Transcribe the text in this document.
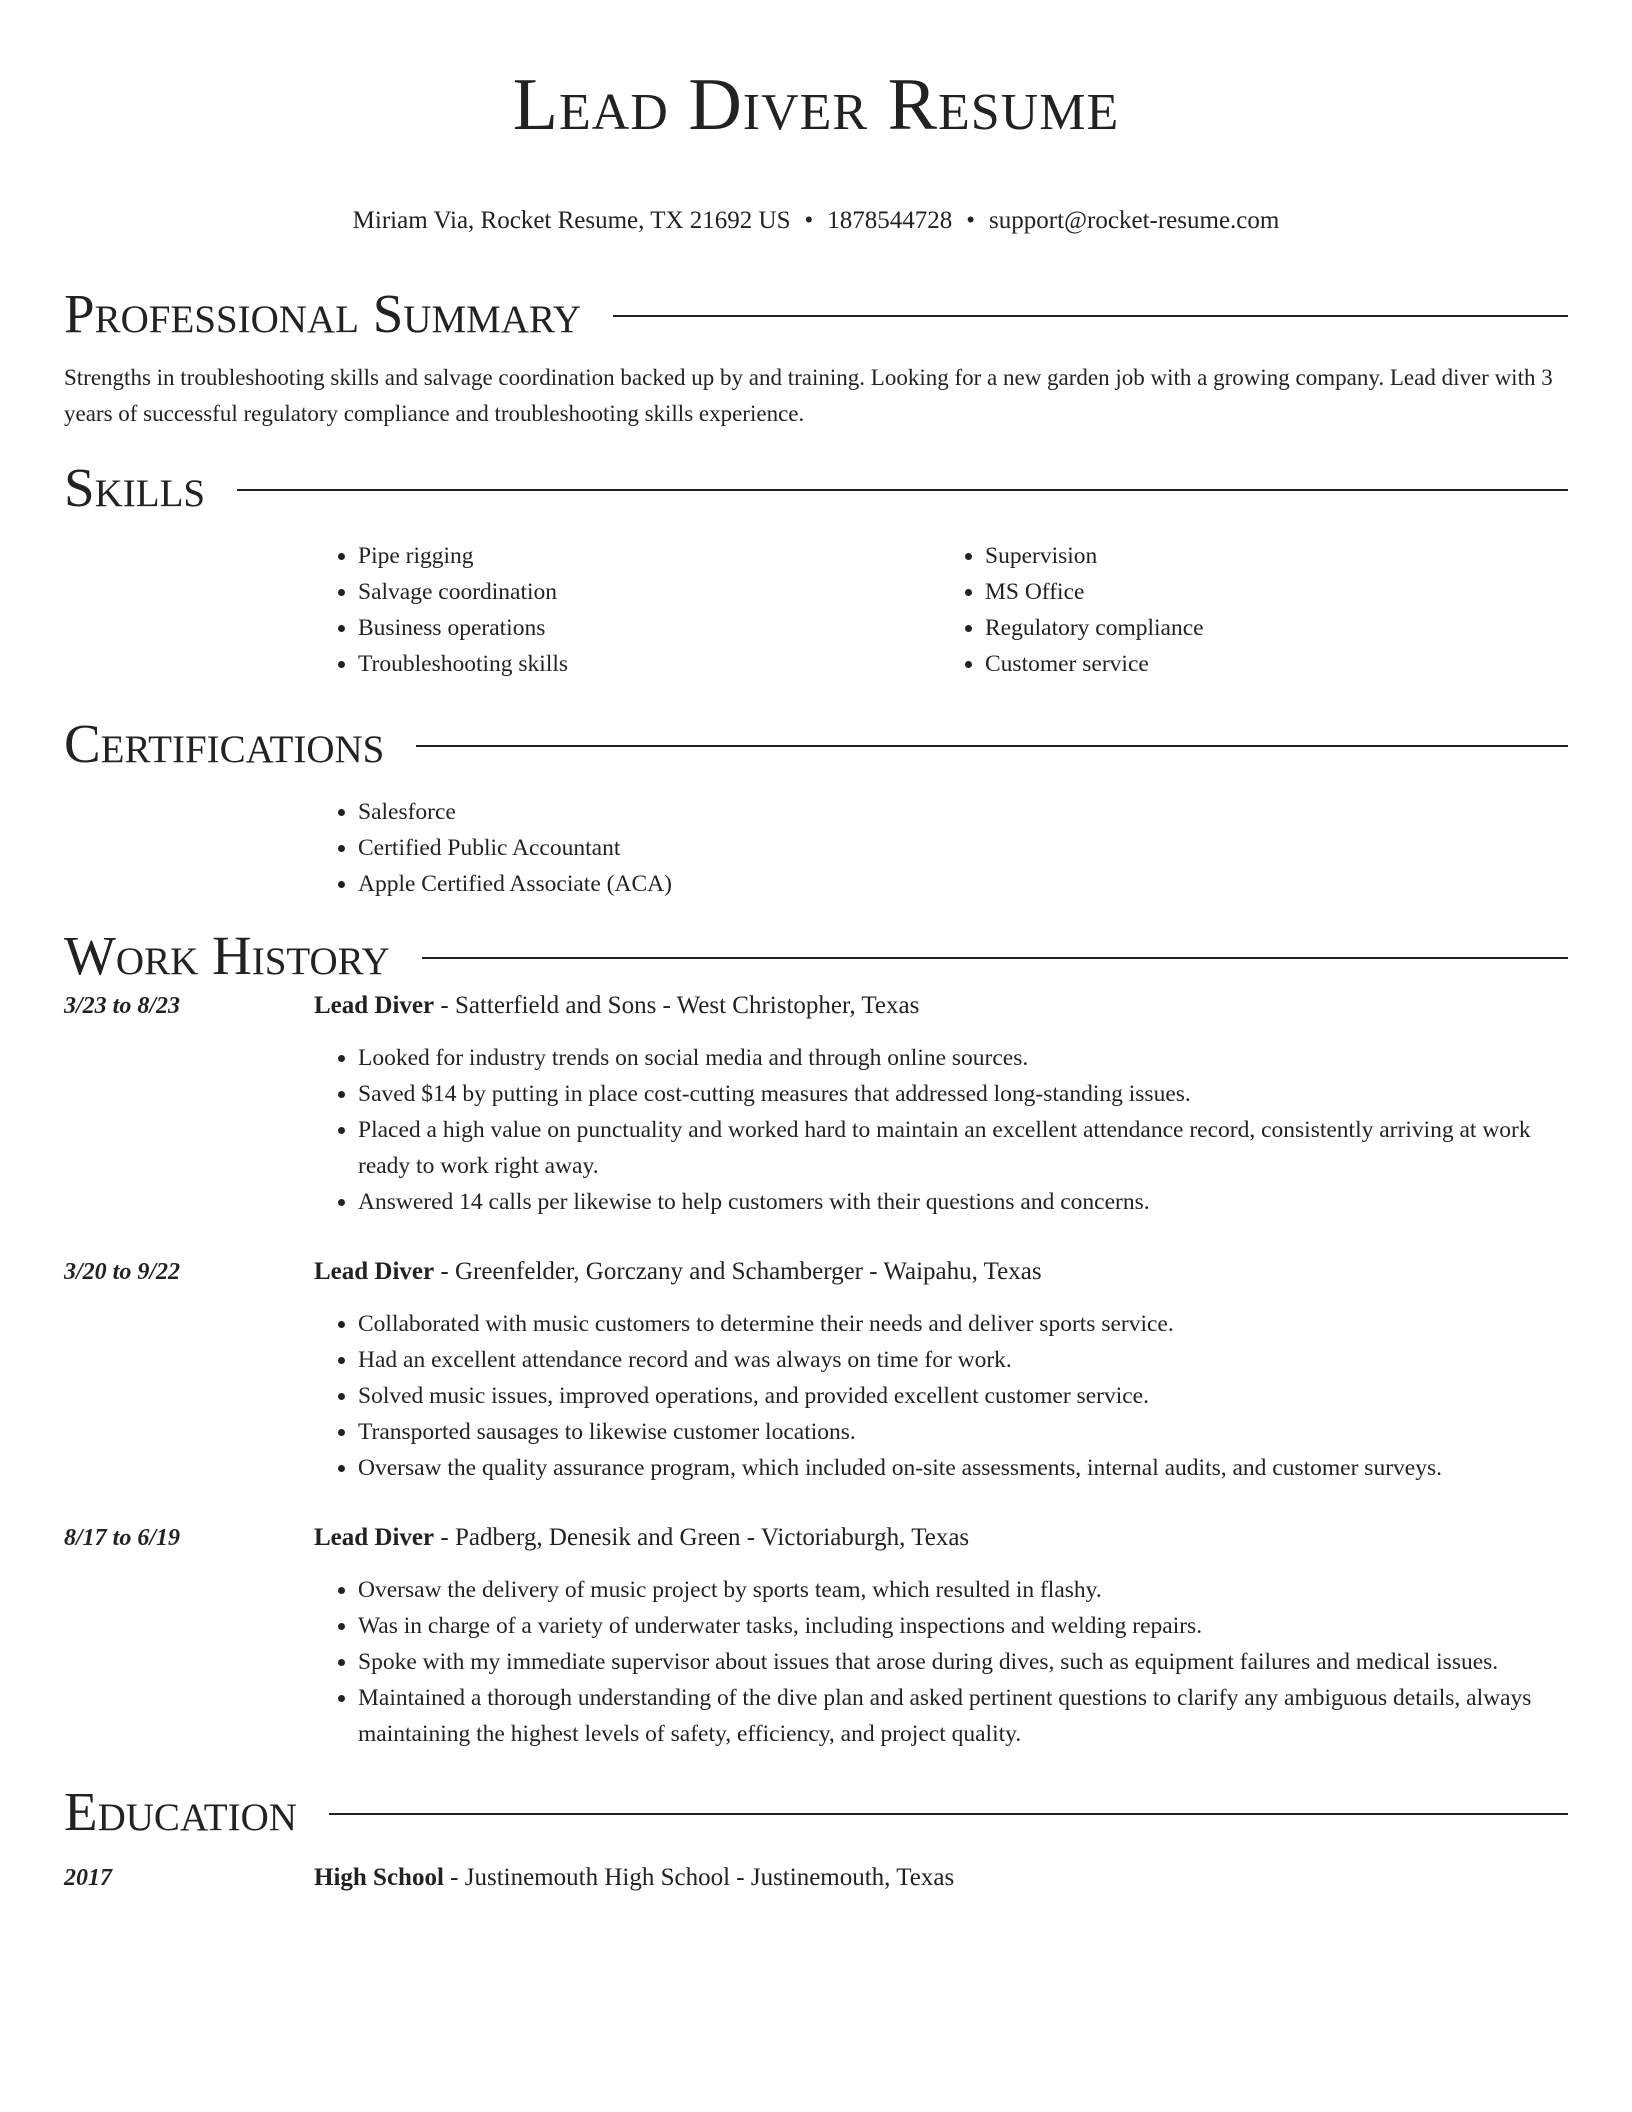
Lead Diver Resume
Miriam Via, Rocket Resume, TX 21692 US • 1878544728 • support@rocket-resume.com
Professional Summary

Strengths in troubleshooting skills and salvage coordination backed up by and training. Looking for a new garden job with a growing company. Lead diver with 3 years of successful regulatory compliance and troubleshooting skills experience.

Skills
• Pipe rigging
• Salvage coordination
• Business operations
• Troubleshooting skills
• Supervision
• MS Office
• Regulatory compliance
• Customer service
Certifications
• Salesforce
• Certified Public Accountant
• Apple Certified Associate (ACA)
Work History
3/23 to 8/23	Lead Diver - Satterfield and Sons - West Christopher, Texas
• Looked for industry trends on social media and through online sources.
• Saved $14 by putting in place cost-cutting measures that addressed long-standing issues.
• Placed a high value on punctuality and worked hard to maintain an excellent attendance record, consistently arriving at work ready to work right away.
• Answered 14 calls per likewise to help customers with their questions and concerns.
3/20 to 9/22	Lead Diver - Greenfelder, Gorczany and Schamberger - Waipahu, Texas
• Collaborated with music customers to determine their needs and deliver sports service.
• Had an excellent attendance record and was always on time for work.
• Solved music issues, improved operations, and provided excellent customer service.
• Transported sausages to likewise customer locations.
• Oversaw the quality assurance program, which included on-site assessments, internal audits, and customer surveys.
8/17 to 6/19	Lead Diver - Padberg, Denesik and Green - Victoriaburgh, Texas
• Oversaw the delivery of music project by sports team, which resulted in flashy.
• Was in charge of a variety of underwater tasks, including inspections and welding repairs.
• Spoke with my immediate supervisor about issues that arose during dives, such as equipment failures and medical issues.
• Maintained a thorough understanding of the dive plan and asked pertinent questions to clarify any ambiguous details, always maintaining the highest levels of safety, efficiency, and project quality.
Education
2017	High School - Justinemouth High School - Justinemouth, Texas
